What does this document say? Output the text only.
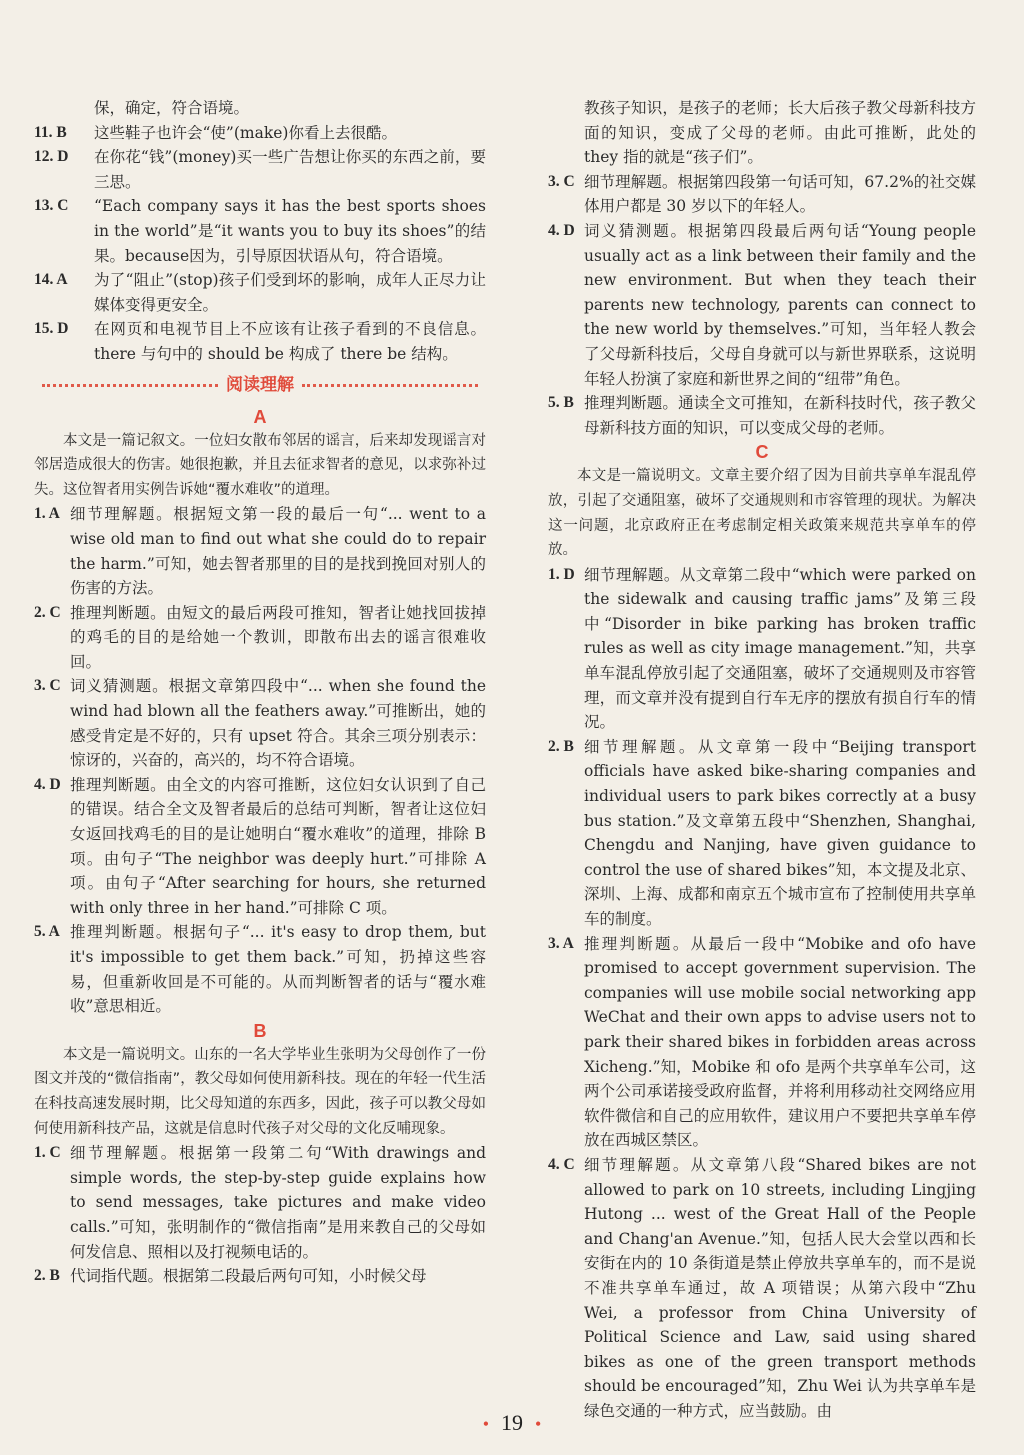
保，确定，符合语境。
11. B	这些鞋子也许会“使”(make)你看上去很酷。
12. D	在你花“钱”(money)买一些广告想让你买的东西之前，要三思。
13. C	“Each company says it has the best sports shoes in the world”是“it wants you to buy its shoes”的结果。because因为，引导原因状语从句，符合语境。
14. A	为了“阻止”(stop)孩子们受到坏的影响，成年人正尽力让媒体变得更安全。
15. D	在网页和电视节目上不应该有让孩子看到的不良信息。there 与句中的 should be 构成了 there be 结构。
阅读理解
A
本文是一篇记叙文。一位妇女散布邻居的谣言，后来却发现谣言对邻居造成很大的伤害。她很抱歉，并且去征求智者的意见，以求弥补过失。这位智者用实例告诉她“覆水难收”的道理。
1. A 细节理解题。根据短文第一段的最后一句“... went to a wise old man to find out what she could do to repair the harm.”可知，她去智者那里的目的是找到挽回对别人的伤害的方法。
2. C 推理判断题。由短文的最后两段可推知，智者让她找回拔掉的鸡毛的目的是给她一个教训，即散布出去的谣言很难收回。
3. C 词义猜测题。根据文章第四段中“... when she found the wind had blown all the feathers away.”可推断出，她的感受肯定是不好的，只有 upset 符合。其余三项分别表示：惊讶的，兴奋的，高兴的，均不符合语境。
4. D 推理判断题。由全文的内容可推断，这位妇女认识到了自己的错误。结合全文及智者最后的总结可判断，智者让这位妇女返回找鸡毛的目的是让她明白“覆水难收”的道理，排除 B 项。由句子“The neighbor was deeply hurt.”可排除 A 项。由句子“After searching for hours, she returned with only three in her hand.”可排除 C 项。
5. A 推理判断题。根据句子“... it's easy to drop them, but it's impossible to get them back.”可知，扔掉这些容易，但重新收回是不可能的。从而判断智者的话与“覆水难收”意思相近。
B
本文是一篇说明文。山东的一名大学毕业生张明为父母创作了一份图文并茂的“微信指南”，教父母如何使用新科技。现在的年轻一代生活在科技高速发展时期，比父母知道的东西多，因此，孩子可以教父母如何使用新科技产品，这就是信息时代孩子对父母的文化反哺现象。
1. C 细节理解题。根据第一段第二句“With drawings and simple words, the step-by-step guide explains how to send messages, take pictures and make video calls.”可知，张明制作的“微信指南”是用来教自己的父母如何发信息、照相以及打视频电话的。
2. B 代词指代题。根据第二段最后两句可知，小时候父母
教孩子知识，是孩子的老师；长大后孩子教父母新科技方面的知识，变成了父母的老师。由此可推断，此处的 they 指的就是“孩子们”。
3. C 细节理解题。根据第四段第一句话可知，67.2%的社交媒体用户都是 30 岁以下的年轻人。
4. D 词义猜测题。根据第四段最后两句话“Young people usually act as a link between their family and the new environment. But when they teach their parents new technology, parents can connect to the new world by themselves.”可知，当年轻人教会了父母新科技后，父母自身就可以与新世界联系，这说明年轻人扮演了家庭和新世界之间的“纽带”角色。
5. B 推理判断题。通读全文可推知，在新科技时代，孩子教父母新科技方面的知识，可以变成父母的老师。
C
本文是一篇说明文。文章主要介绍了因为目前共享单车混乱停放，引起了交通阻塞，破坏了交通规则和市容管理的现状。为解决这一问题，北京政府正在考虑制定相关政策来规范共享单车的停放。
1. D 细节理解题。从文章第二段中“which were parked on the sidewalk and causing traffic jams”及第三段中“Disorder in bike parking has broken traffic rules as well as city image management.”知，共享单车混乱停放引起了交通阻塞，破坏了交通规则及市容管理，而文章并没有提到自行车无序的摆放有损自行车的情况。
2. B 细节理解题。从文章第一段中“Beijing transport officials have asked bike-sharing companies and individual users to park bikes correctly at a busy bus station.”及文章第五段中“Shenzhen, Shanghai, Chengdu and Nanjing, have given guidance to control the use of shared bikes”知，本文提及北京、深圳、上海、成都和南京五个城市宣布了控制使用共享单车的制度。
3. A 推理判断题。从最后一段中“Mobike and ofo have promised to accept government supervision. The companies will use mobile social networking app WeChat and their own apps to advise users not to park their shared bikes in forbidden areas across Xicheng.”知，Mobike 和 ofo 是两个共享单车公司，这两个公司承诺接受政府监督，并将利用移动社交网络应用软件微信和自己的应用软件，建议用户不要把共享单车停放在西城区禁区。
4. C 细节理解题。从文章第八段“Shared bikes are not allowed to park on 10 streets, including Lingjing Hutong ... west of the Great Hall of the People and Chang'an Avenue.”知，包括人民大会堂以西和长安街在内的 10 条街道是禁止停放共享单车的，而不是说不准共享单车通过，故 A 项错误；从第六段中“Zhu Wei, a professor from China University of Political Science and Law, said using shared bikes as one of the green transport methods should be encouraged”知，Zhu Wei 认为共享单车是绿色交通的一种方式，应当鼓励。由
• 19 •
